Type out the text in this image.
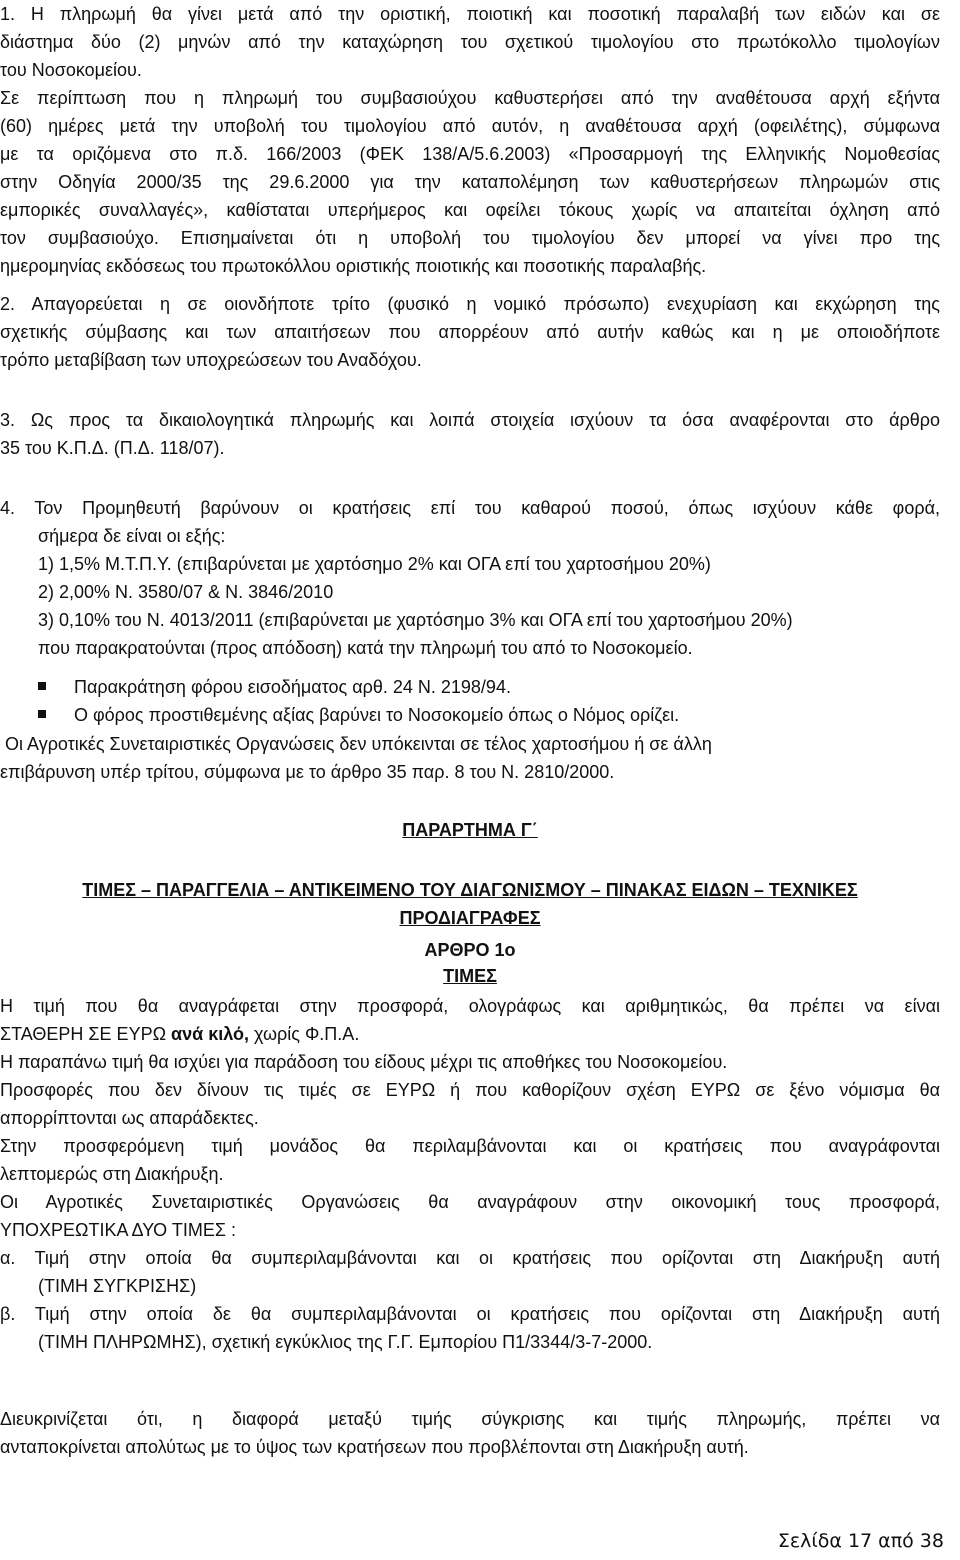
1. Η πληρωμή θα γίνει μετά από την οριστική, ποιοτική και ποσοτική παραλαβή των ειδών και σε
διάστημα δύο (2) μηνών από την καταχώρηση του σχετικού τιμολογίου στο πρωτόκολλο τιμολογίων
του Νοσοκομείου.
Σε περίπτωση που η πληρωμή του συμβασιούχου καθυστερήσει από την αναθέτουσα αρχή εξήντα
(60) ημέρες μετά την υποβολή του τιμολογίου από αυτόν, η αναθέτουσα αρχή (οφειλέτης), σύμφωνα
με τα οριζόμενα στο π.δ. 166/2003 (ΦΕΚ 138/Α/5.6.2003) «Προσαρμογή της Ελληνικής Νομοθεσίας
στην Οδηγία 2000/35 της 29.6.2000 για την καταπολέμηση των καθυστερήσεων πληρωμών στις
εμπορικές συναλλαγές», καθίσταται υπερήμερος και οφείλει τόκους χωρίς να απαιτείται όχληση από
τον συμβασιούχο. Επισημαίνεται ότι η υποβολή του τιμολογίου δεν μπορεί να γίνει προ της
ημερομηνίας εκδόσεως του πρωτοκόλλου οριστικής ποιοτικής και ποσοτικής παραλαβής.
2. Απαγορεύεται η σε οιονδήποτε τρίτο (φυσικό η νομικό πρόσωπο) ενεχυρίαση και εκχώρηση της
σχετικής σύμβασης και των απαιτήσεων που απορρέουν από αυτήν καθώς και η με οποιοδήποτε
τρόπο μεταβίβαση των υποχρεώσεων του Αναδόχου.
3. Ως προς τα δικαιολογητικά πληρωμής και λοιπά στοιχεία ισχύουν τα όσα αναφέρονται στο άρθρο
35 του Κ.Π.Δ. (Π.Δ. 118/07).
4. Τον Προμηθευτή βαρύνουν οι κρατήσεις επί του καθαρού ποσού, όπως ισχύουν κάθε φορά,
σήμερα δε είναι οι εξής:
1) 1,5% Μ.Τ.Π.Υ. (επιβαρύνεται με χαρτόσημο 2% και ΟΓΑ επί του χαρτοσήμου 20%)
2) 2,00% Ν. 3580/07 & Ν. 3846/2010
3) 0,10% του Ν. 4013/2011 (επιβαρύνεται με χαρτόσημο 3% και ΟΓΑ επί του χαρτοσήμου 20%)
που παρακρατούνται (προς απόδοση) κατά την πληρωμή του από το Νοσοκομείο.
Παρακράτηση φόρου εισοδήματος αρθ. 24 Ν. 2198/94.
Ο φόρος προστιθεμένης αξίας βαρύνει το Νοσοκομείο όπως ο Νόμος ορίζει.
Οι Αγροτικές Συνεταιριστικές Οργανώσεις δεν υπόκεινται σε τέλος χαρτοσήμου ή σε άλλη
επιβάρυνση υπέρ τρίτου, σύμφωνα με το άρθρο 35 παρ. 8 του Ν. 2810/2000.
ΠΑΡΑΡΤΗΜΑ Γ΄
ΤΙΜΕΣ – ΠΑΡΑΓΓΕΛΙΑ – ΑΝΤΙΚΕΙΜΕΝΟ ΤΟΥ ΔΙΑΓΩΝΙΣΜΟΥ – ΠΙΝΑΚΑΣ ΕΙΔΩΝ – ΤΕΧΝΙΚΕΣ
ΠΡΟΔΙΑΓΡΑΦΕΣ
ΑΡΘΡΟ 1ο
ΤΙΜΕΣ
Η τιμή που θα αναγράφεται στην προσφορά, ολογράφως και αριθμητικώς, θα πρέπει να είναι
ΣΤΑΘΕΡΗ ΣΕ ΕΥΡΩ ανά κιλό, χωρίς Φ.Π.Α.
Η παραπάνω τιμή θα ισχύει για παράδοση του είδους μέχρι τις αποθήκες του Νοσοκομείου.
Προσφορές που δεν δίνουν τις τιμές σε ΕΥΡΩ ή που καθορίζουν σχέση ΕΥΡΩ σε ξένο νόμισμα θα
απορρίπτονται ως απαράδεκτες.
Στην προσφερόμενη τιμή μονάδος θα περιλαμβάνονται και οι κρατήσεις που αναγράφονται
λεπτομερώς στη Διακήρυξη.
Οι Αγροτικές Συνεταιριστικές Οργανώσεις θα αναγράφουν στην οικονομική τους προσφορά,
ΥΠΟΧΡΕΩΤΙΚΑ ΔΥΟ ΤΙΜΕΣ :
α. Τιμή στην οποία θα συμπεριλαμβάνονται και οι κρατήσεις που ορίζονται στη Διακήρυξη αυτή
(ΤΙΜΗ ΣΥΓΚΡΙΣΗΣ)
β. Τιμή στην οποία δε θα συμπεριλαμβάνονται οι κρατήσεις που ορίζονται στη Διακήρυξη αυτή
(ΤΙΜΗ ΠΛΗΡΩΜΗΣ), σχετική εγκύκλιος της Γ.Γ. Εμπορίου Π1/3344/3-7-2000.
Διευκρινίζεται ότι, η διαφορά μεταξύ τιμής σύγκρισης και τιμής πληρωμής, πρέπει να
ανταποκρίνεται απολύτως με το ύψος των κρατήσεων που προβλέπονται στη Διακήρυξη αυτή.
Σελίδα 17 από 38
